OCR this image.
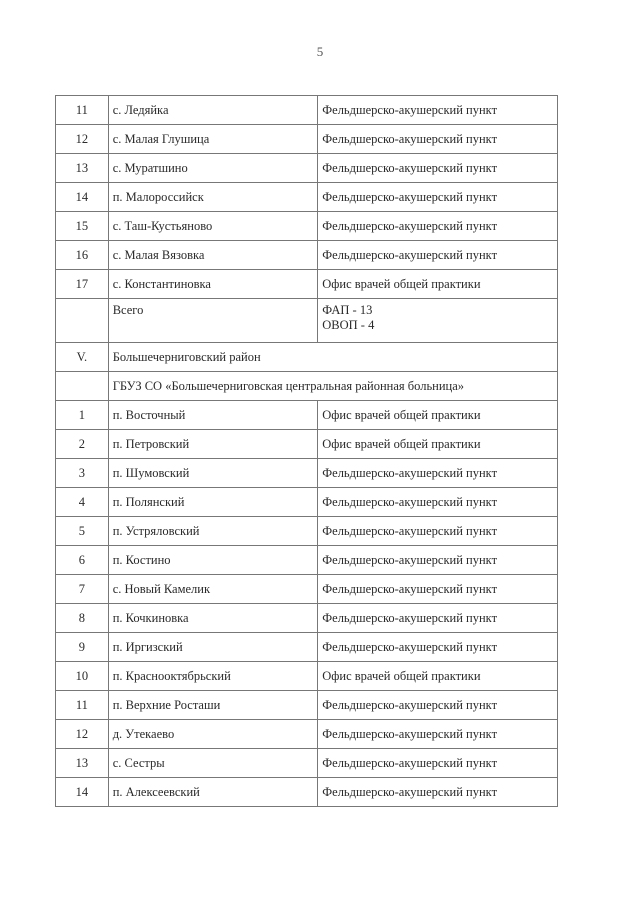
5
11	с. Ледяйка	Фельдшерско-акушерский пункт
12	с. Малая Глушица	Фельдшерско-акушерский пункт
13	с. Муратшино	Фельдшерско-акушерский пункт
14	п. Малороссийск	Фельдшерско-акушерский пункт
15	с. Таш-Кустьяново	Фельдшерско-акушерский пункт
16	с. Малая Вязовка	Фельдшерско-акушерский пункт
17	с. Константиновка	Офис врачей общей практики
	Всего	ФАП - 13
ОВОП - 4

V.	Большечерниговский район	
	ГБУЗ СО «Большечерниговская центральная районная больница»	
1	п. Восточный	Офис врачей общей практики
2	п. Петровский	Офис врачей общей практики
3	п. Шумовский	Фельдшерско-акушерский пункт
4	п. Полянский	Фельдшерско-акушерский пункт
5	п. Устряловский	Фельдшерско-акушерский пункт
6	п. Костино	Фельдшерско-акушерский пункт
7	с. Новый Камелик	Фельдшерско-акушерский пункт
8	п. Кочкиновка	Фельдшерско-акушерский пункт
9	п. Иргизский	Фельдшерско-акушерский пункт
10	п. Краснооктябрьский	Офис врачей общей практики
11	п. Верхние Росташи	Фельдшерско-акушерский пункт
12	д. Утекаево	Фельдшерско-акушерский пункт
13	с. Сестры	Фельдшерско-акушерский пункт
14	п. Алексеевский	Фельдшерско-акушерский пункт
